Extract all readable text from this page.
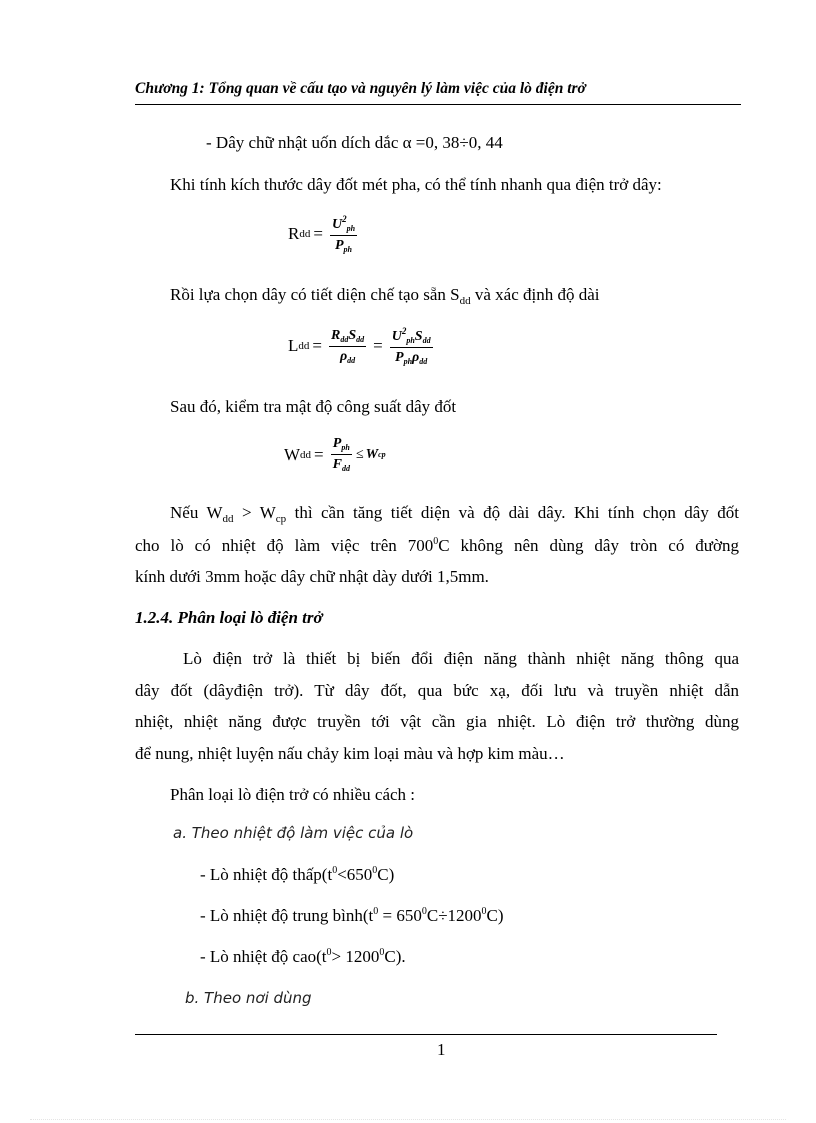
Chương 1: Tổng quan về cấu tạo và nguyên lý làm việc của lò điện trở
- Dây chữ nhật uốn dích dắc α =0, 38÷0, 44
Khi tính kích thước dây đốt mét pha, có thể tính nhanh qua điện trở dây:
R dd = $\frac{U^2_{ph}}{P_{ph}}$
Rồi lựa chọn dây có tiết diện chế tạo sẵn $S_{dd}$ và xác định độ dài
L dd = $\frac{R_{dd}S_{dd}}{\rho_{dd}} = \frac{U^2_{ph}S_{dd}}{P_{ph}\rho_{dd}}$
Sau đó, kiểm tra mật độ công suất dây đốt
W dd = $\frac{P_{ph}}{F_{dd}} \le W$ cp
Nếu $W_{dd} > W_{cp}$ thì cần tăng tiết diện và độ dài dây. Khi tính chọn dây đốt
cho lò có nhiệt độ làm việc trên $700^0C$ không nên dùng dây tròn có đường
kính dưới 3mm hoặc dây chữ nhật dày dưới 1,5mm.
1.2.4. Phân loại lò điện trở
Lò điện trở là thiết bị biến đổi điện năng thành nhiệt năng thông qua
dây đốt (dâyđiện trở). Từ dây đốt, qua bức xạ, đối lưu và truyền nhiệt dẫn
nhiệt, nhiệt năng được truyền tới vật cần gia nhiệt. Lò điện trở thường dùng
để nung, nhiệt luyện nấu chảy kim loại màu và hợp kim màu…
Phân loại lò điện trở có nhiều cách :
a. Theo nhiệt độ làm việc của lò
- Lò nhiệt độ $thấp(t^0<650^0C)$
- Lò nhiệt độ trung $bình(t^0 = 650^0C\div 1200^0C)$
- Lò nhiệt độ $cao(t^0> 1200^0C)$.
b. Theo nơi dùng
1
